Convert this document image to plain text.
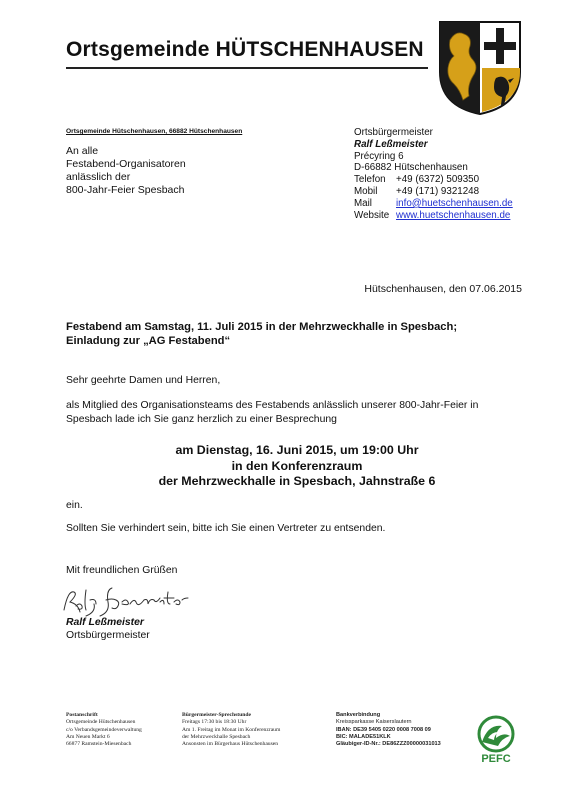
Ortsgemeinde HÜTSCHENHAUSEN
Ortsgemeinde Hütschenhausen, 66882 Hütschenhausen
An alle
Festabend-Organisatoren
anlässlich der
800-Jahr-Feier Spesbach
Ortsbürgermeister
Ralf Leßmeister
Précyring 6
D-66882 Hütschenhausen
Telefon	+49 (6372) 509350
Mobil	+49 (171) 9321248
Mail	info@huetschenhausen.de
Website www.huetschenhausen.de
Hütschenhausen, den 07.06.2015
Festabend am Samstag, 11. Juli 2015 in der Mehrzweckhalle in Spesbach;
Einladung zur „AG Festabend“
Sehr geehrte Damen und Herren,
als Mitglied des Organisationsteams des Festabends anlässlich unserer 800-Jahr-Feier in
Spesbach lade ich Sie ganz herzlich zu einer Besprechung
am Dienstag, 16. Juni 2015, um 19:00 Uhr
in den Konferenzraum
der Mehrzweckhalle in Spesbach, Jahnstraße 6
ein.
Sollten Sie verhindert sein, bitte ich Sie einen Vertreter zu entsenden.
Mit freundlichen Grüßen
Ralf Leßmeister
Ortsbürgermeister
Postanschrift
Ortsgemeinde Hütschenhausen
c/o Verbandsgemeindeverwaltung
Am Neuen Markt 6
66877 Ramstein-Miesenbach
Bürgermeister-Sprechstunde
Freitags 17:30 bis 18:30 Uhr
Am 1. Freitag im Monat im Konferenzraum
der Mehrzweckhalle Spesbach
Ansonsten im Bürgerhaus Hütschenhausen
Bankverbindung
Kreissparkasse Kaiserslautern
IBAN: DE39 5405 0220 0008 7008 09
BIC: MALADE51KLK
Gläubiger-ID-Nr.: DE86ZZZ00000031013
PEFC
